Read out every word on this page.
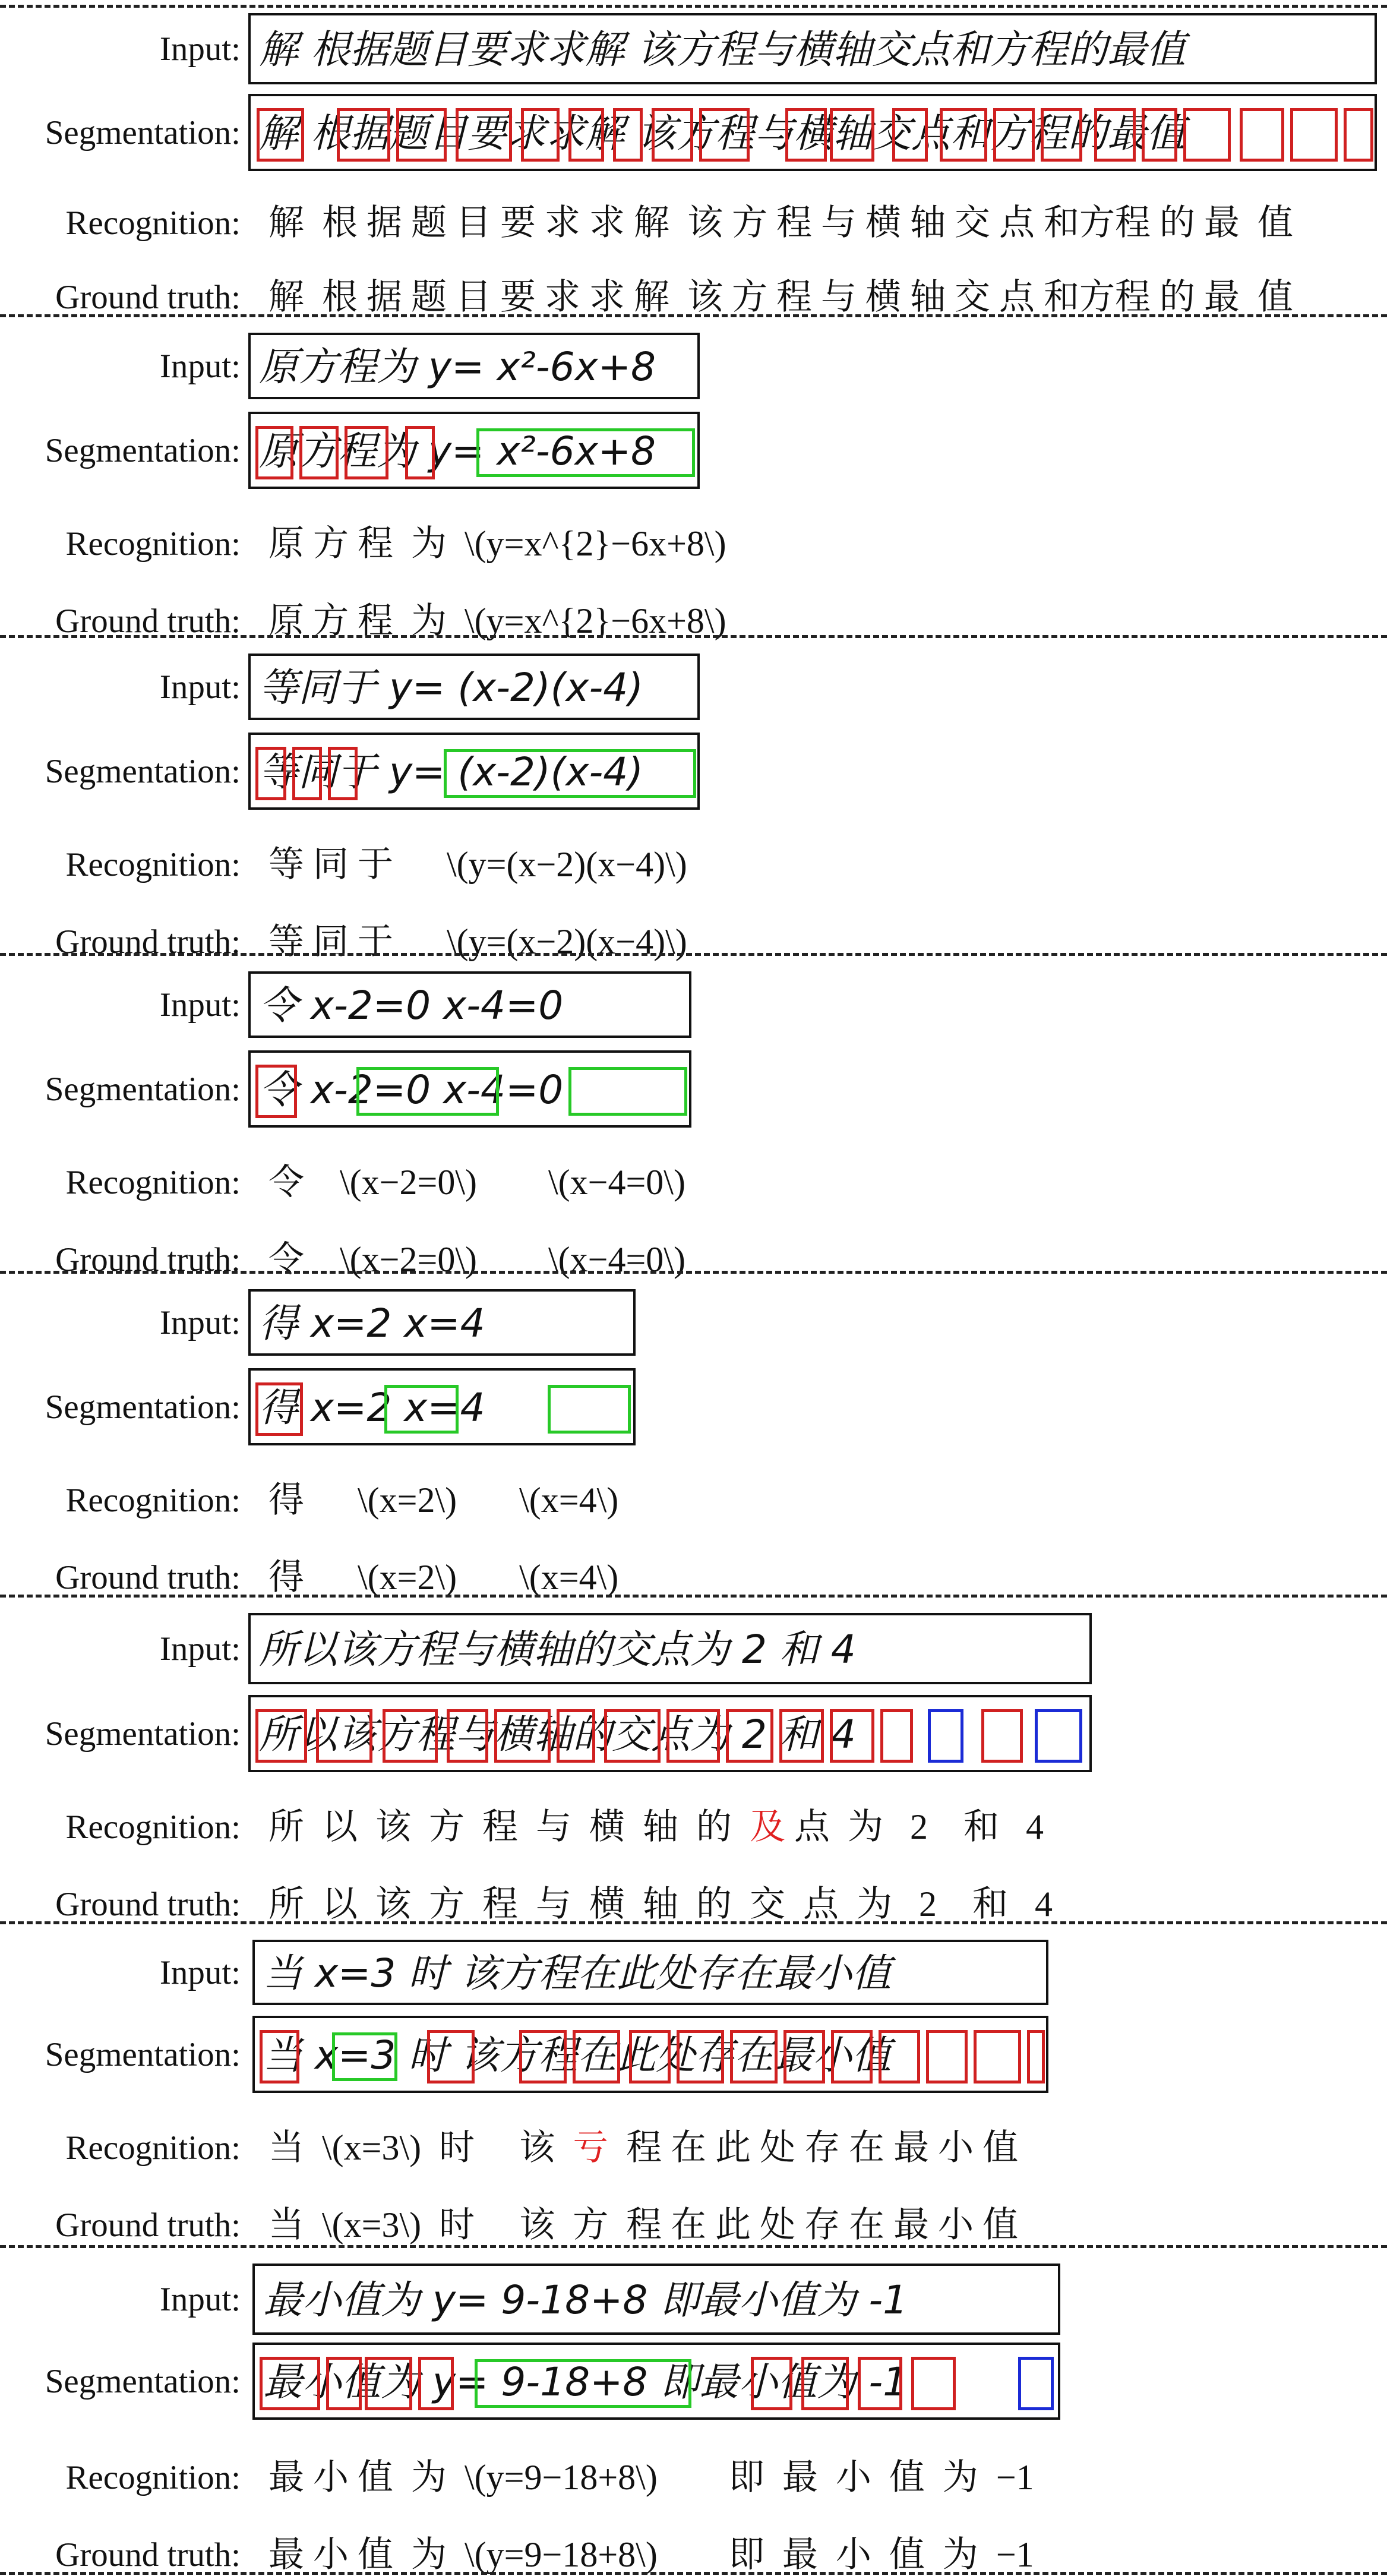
Input: 解 根据题目要求求解 该方程与横轴交点和方程的最值
Segmentation: 解 根据题目要求求解 该方程与横轴交点和方程的最值
Recognition: 解  根 据 题 目 要 求 求 解  该 方 程 与 横 轴 交 点 和方程 的 最  值
Ground truth: 解  根 据 题 目 要 求 求 解  该 方 程 与 横 轴 交 点 和方程 的 最  值
Input: 原方程为 y= x²-6x+8
Segmentation: 原方程为 y= x²-6x+8
Recognition: 原 方 程  为  \(y=x^{2}−6x+8\)
Ground truth: 原 方 程  为  \(y=x^{2}−6x+8\)
Input: 等同于 y= (x-2)(x-4)
Segmentation: 等同于 y= (x-2)(x-4)
Recognition: 等 同 于      \(y=(x−2)(x−4)\)
Ground truth: 等 同 于      \(y=(x−2)(x−4)\)
Input: 令 x-2=0 x-4=0
Segmentation: 令 x-2=0 x-4=0
Recognition: 令    \(x−2=0\)        \(x−4=0\)
Ground truth: 令    \(x−2=0\)        \(x−4=0\)
Input: 得 x=2 x=4
Segmentation: 得 x=2 x=4
Recognition: 得      \(x=2\)       \(x=4\)
Ground truth: 得      \(x=2\)       \(x=4\)
Input: 所以该方程与横轴的交点为 2 和 4
Segmentation: 所以该方程与横轴的交点为 2 和 4
Recognition: 所  以  该  方  程  与  横  轴  的  及 点  为   2    和   4
Ground truth: 所  以  该  方  程  与  横  轴  的  交  点  为   2    和   4
Input: 当 x=3 时 该方程在此处存在最小值
Segmentation: 当 x=3 时 该方程在此处存在最小值
Recognition: 当  \(x=3\)  时     该  亏  程 在 此 处 存 在 最 小 值
Ground truth: 当  \(x=3\)  时     该  方  程 在 此 处 存 在 最 小 值
Input: 最小值为 y= 9-18+8 即最小值为 -1
Segmentation: 最小值为 y= 9-18+8 即最小值为 -1
Recognition: 最 小 值  为  \(y=9−18+8\)        即  最  小  值  为  −1
Ground truth: 最 小 值  为  \(y=9−18+8\)        即  最  小  值  为  −1
